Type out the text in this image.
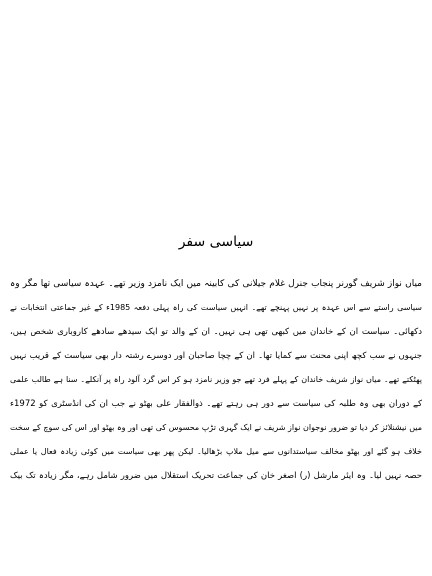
سیاسی سفر
میاں نواز شریف گورنر پنجاب جنرل غلام جیلانی کی کابینہ میں ایک نامزد وزیر تھے۔ عہدہ سیاسی تھا مگر وہ
سیاسی راستے سے اس عہدہ پر نہیں پہنچے تھے۔ انہیں سیاست کی راہ پہلی دفعہ 1985ء کے غیر جماعتی انتخابات نے
دکھائی۔ سیاست ان کے خاندان میں کبھی تھی ہی نہیں۔ ان کے والد تو ایک سیدھے سادھے کاروباری شخص ہیں،
جنہوں نے سب کچھ اپنی محنت سے کمایا تھا۔ ان کے چچا صاحبان اور دوسرے رشتہ دار بھی سیاست کے قریب نہیں
پھٹکتے تھے۔ میاں نواز شریف خاندان کے پہلے فرد تھے جو وزیر نامزد ہو کر اس گرد آلود راہ پر آنکلے۔ سنا ہے طالب علمی
کے دوران بھی وہ طلبہ کی سیاست سے دور ہی رہتے تھے۔ ذوالفقار علی بھٹو نے جب ان کی انڈسٹری کو 1972ء
میں نیشنلائز کر دیا تو ضرور نوجوان نواز شریف نے ایک گہری تڑپ محسوس کی تھی اور وہ بھٹو اور اس کی سوچ کے سخت
خلاف ہو گئے اور بھٹو مخالف سیاستدانوں سے میل ملاپ بڑھالیا۔ لیکن پھر بھی سیاست میں کوئی زیادہ فعال یا عملی
حصہ نہیں لیا۔ وہ ایئر مارشل (ر) اصغر خان کی جماعت تحریک استقلال میں ضرور شامل رہے، مگر زیادہ تک بیک
